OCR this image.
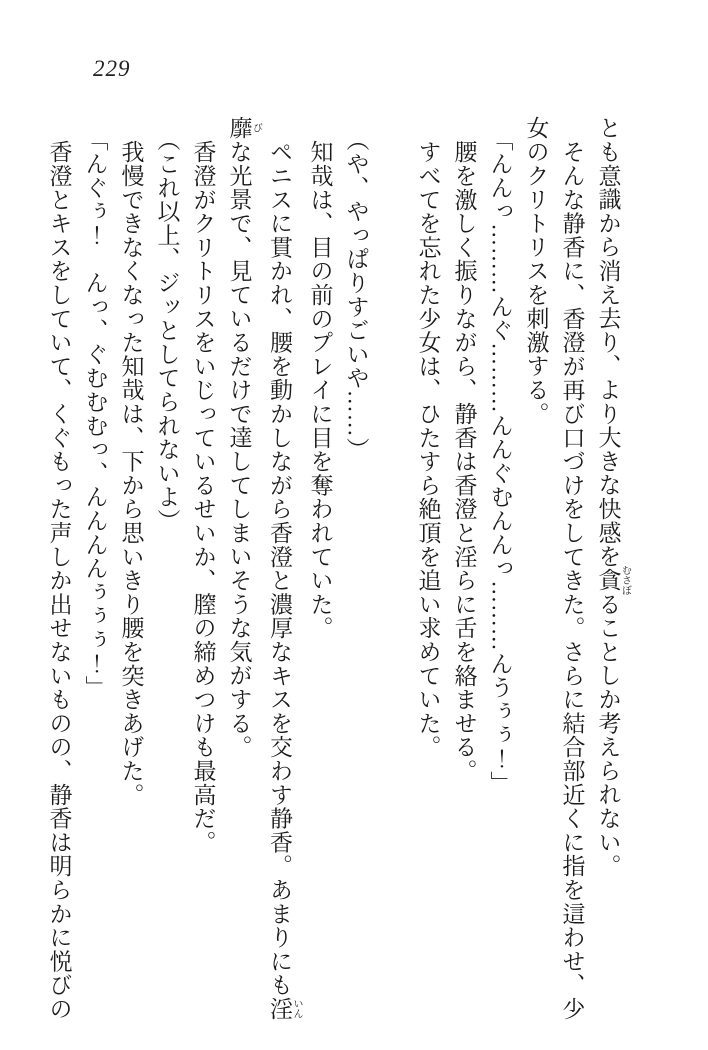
229

とも意識から消え去り、より大きな快感を貪 むさぼることしか考えられない。

そんな静香に、香澄が再び口づけをしてきた。さらに結合部近くに指を這わせ、少

女のクリトリスを刺激する。

「んんっ………んぐ………んんぐむんんっ………んうぅぅ！」

腰を激しく振りながら、静香は香澄と淫らに舌を絡ませる。

すべてを忘れた少女は、ひたすら絶頂を追い求めていた。

（や、やっぱりすごいや……）

知哉は、目の前のプレイに目を奪われていた。

ペニスに貫かれ、腰を動かしながら香澄と濃厚なキスを交わす静香。あまりにも淫 いん

靡 びな光景で、見ているだけで達してしまいそうな気がする。

香澄がクリトリスをいじっているせいか、膣の締めつけも最高だ。

（これ以上、ジッとしてられないよ）

我慢できなくなった知哉は、下から思いきり腰を突きあげた。

「んぐぅ！　んっ、ぐむむむっ、んんんんぅぅぅ！」

香澄とキスをしていて、くぐもった声しか出せないものの、静香は明らかに悦びの
